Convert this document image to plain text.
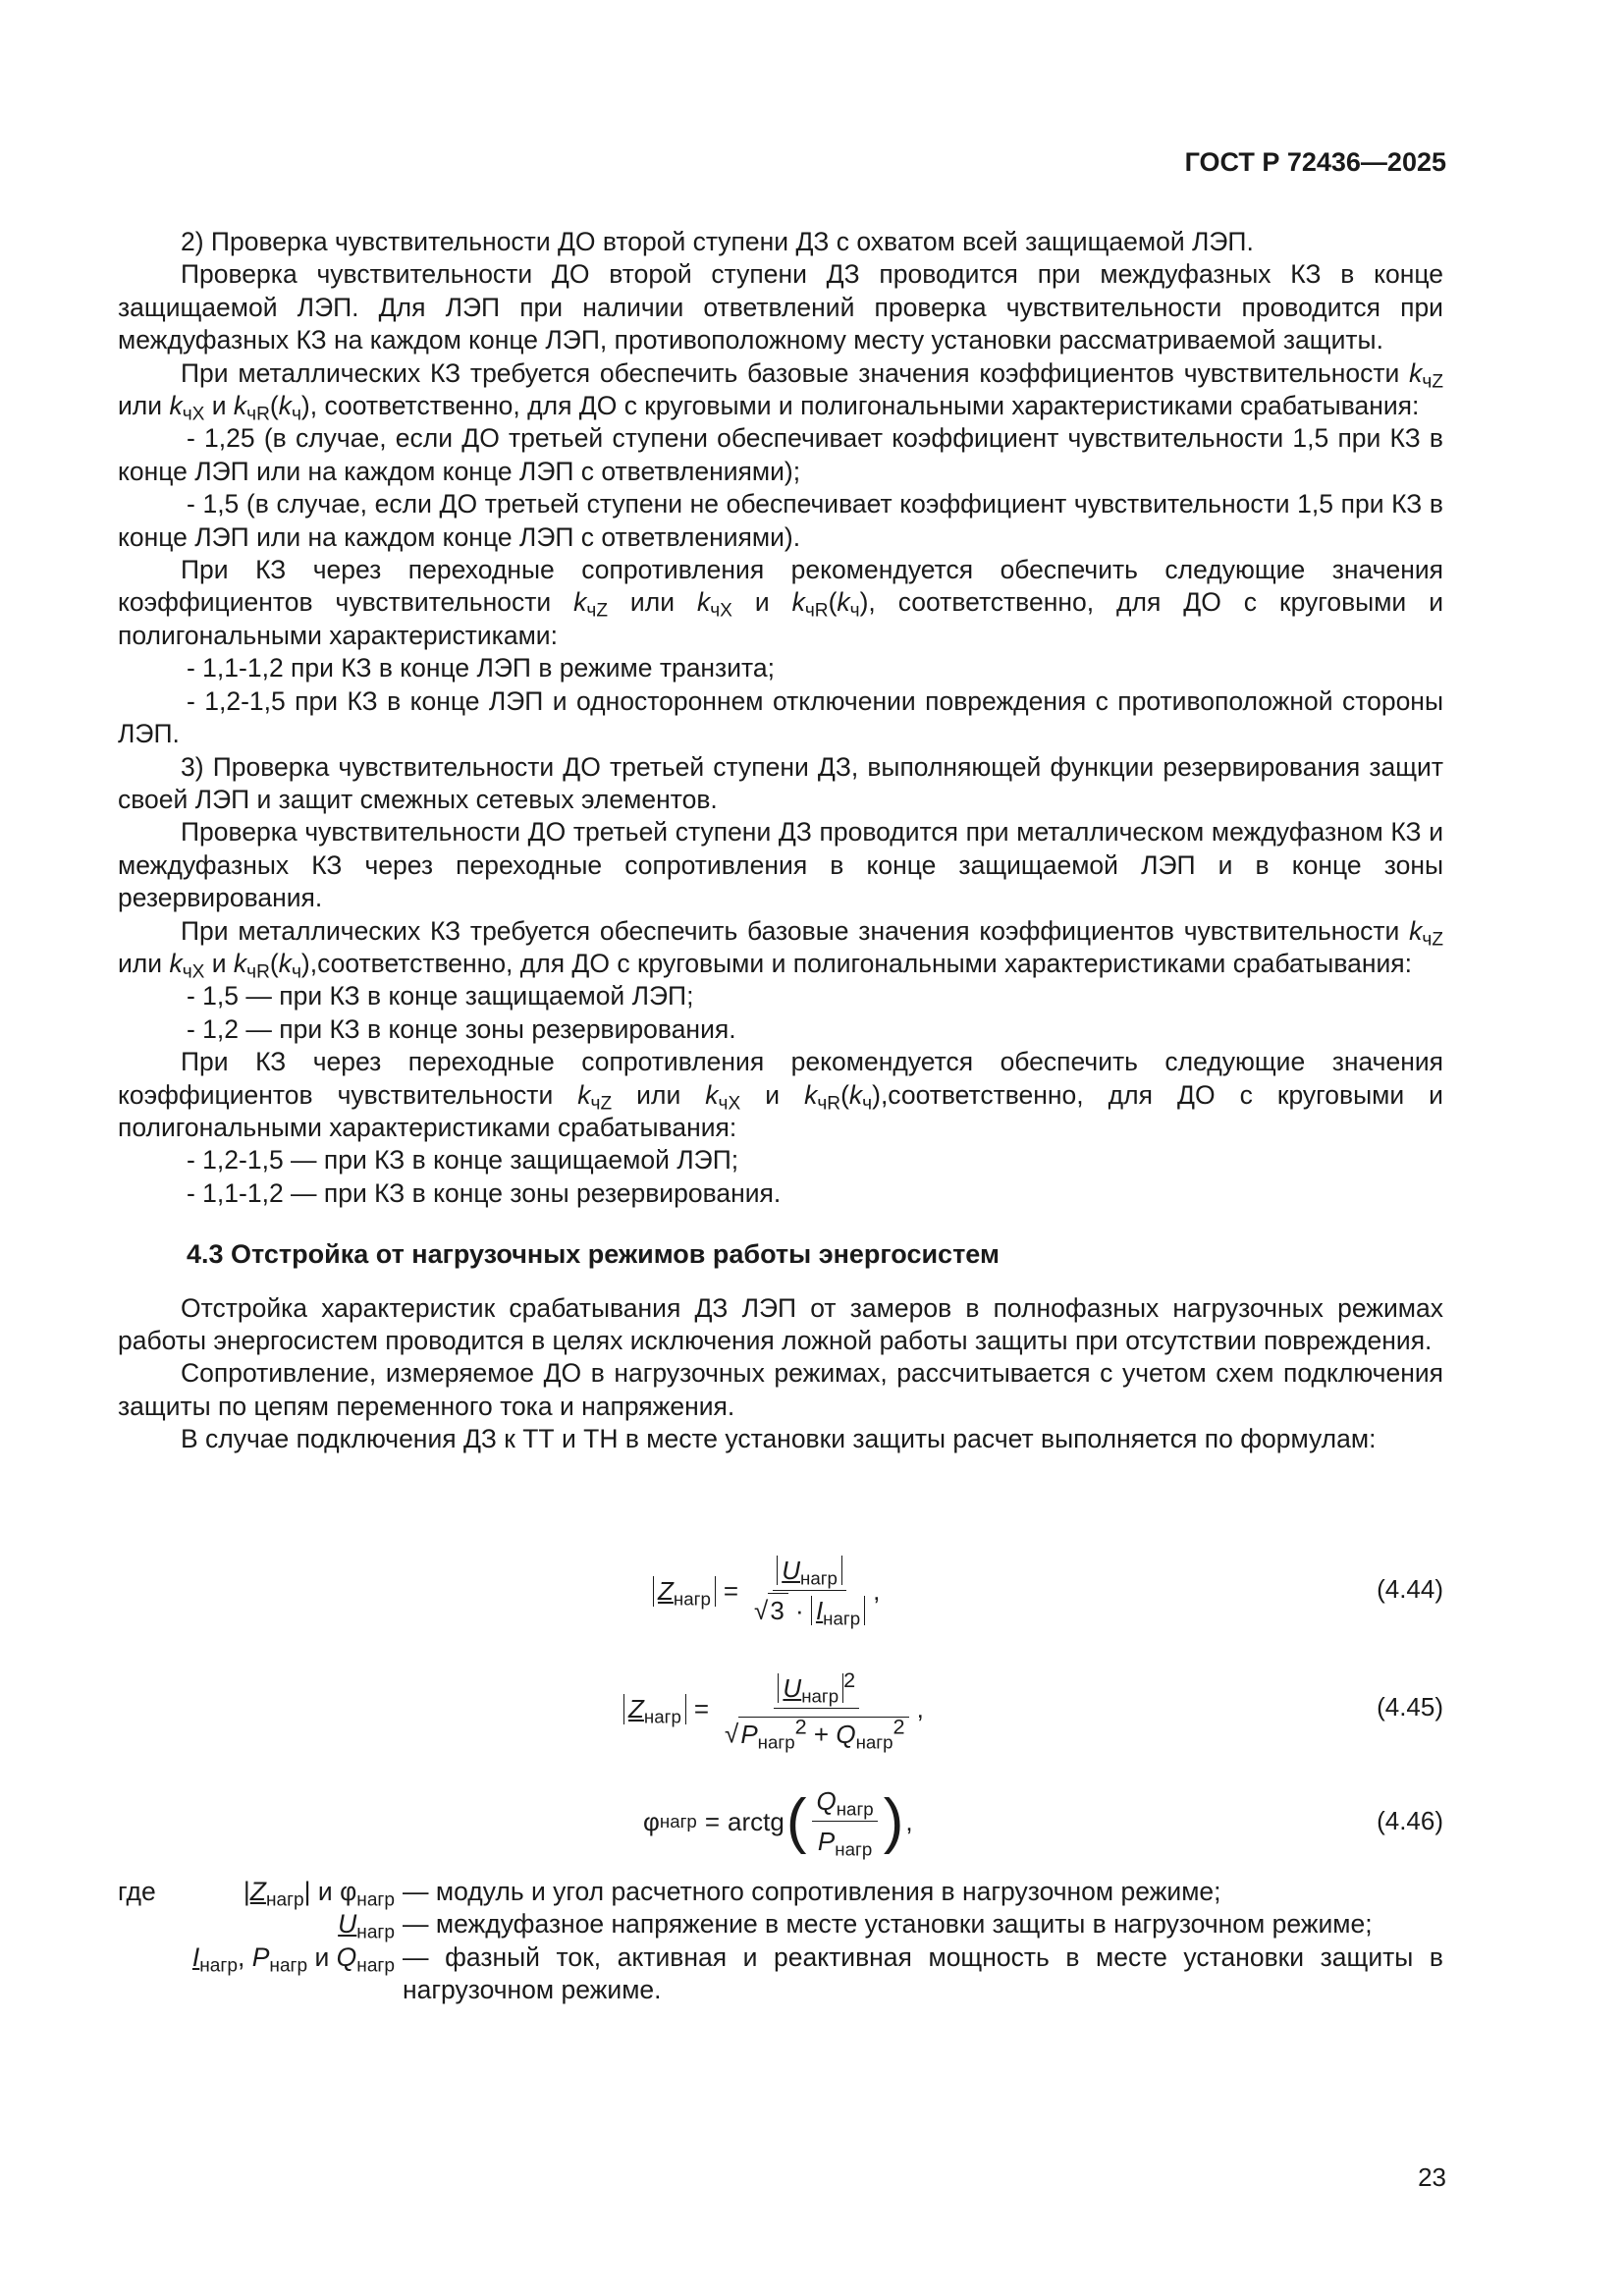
ГОСТ Р 72436—2025

2) Проверка чувствительности ДО второй ступени ДЗ с охватом всей защищаемой ЛЭП.

Проверка чувствительности ДО второй ступени ДЗ проводится при междуфазных КЗ в конце защищаемой ЛЭП. Для ЛЭП при наличии ответвлений проверка чувствительности проводится при междуфазных КЗ на каждом конце ЛЭП, противоположному месту установки рассматриваемой защиты.

При металлических КЗ требуется обеспечить базовые значения коэффициентов чувствительности $k_{чZ}$ или $k_{чX}$ и $k_{чR}(k_ч)$, соответственно, для ДО с круговыми и полигональными характеристиками срабатывания:

- 1,25 (в случае, если ДО третьей ступени обеспечивает коэффициент чувствительности 1,5 при КЗ в конце ЛЭП или на каждом конце ЛЭП с ответвлениями);

- 1,5 (в случае, если ДО третьей ступени не обеспечивает коэффициент чувствительности 1,5 при КЗ в конце ЛЭП или на каждом конце ЛЭП с ответвлениями).

При КЗ через переходные сопротивления рекомендуется обеспечить следующие значения коэффициентов чувствительности $k_{чZ}$ или $k_{чX}$ и $k_{чR}(k_ч)$, соответственно, для ДО с круговыми и полигональными характеристиками:

- 1,1-1,2 при КЗ в конце ЛЭП в режиме транзита;

- 1,2-1,5 при КЗ в конце ЛЭП и одностороннем отключении повреждения с противоположной стороны ЛЭП.

3) Проверка чувствительности ДО третьей ступени ДЗ, выполняющей функции резервирования защит своей ЛЭП и защит смежных сетевых элементов.

Проверка чувствительности ДО третьей ступени ДЗ проводится при металлическом междуфазном КЗ и междуфазных КЗ через переходные сопротивления в конце защищаемой ЛЭП и в конце зоны резервирования.

При металлических КЗ требуется обеспечить базовые значения коэффициентов чувствительности $k_{чZ}$ или $k_{чX}$ и $k_{чR}(k_ч),соответственно$, для ДО с круговыми и полигональными характеристиками срабатывания:

- 1,5 — при КЗ в конце защищаемой ЛЭП;

- 1,2 — при КЗ в конце зоны резервирования.

При КЗ через переходные сопротивления рекомендуется обеспечить следующие значения коэффициентов чувствительности $k_{чZ}$ или $k_{чX}$ и $k_{чR}(k_ч),соответственно$, для ДО с круговыми и полигональными характеристиками срабатывания:

- 1,2-1,5 — при КЗ в конце защищаемой ЛЭП;

- 1,1-1,2 — при КЗ в конце зоны резервирования.

4.3 Отстройка от нагрузочных режимов работы энергосистем

Отстройка характеристик срабатывания ДЗ ЛЭП от замеров в полнофазных нагрузочных режимах работы энергосистем проводится в целях исключения ложной работы защиты при отсутствии повреждения.

Сопротивление, измеряемое ДО в нагрузочных режимах, рассчитывается с учетом схем подключения защиты по цепям переменного тока и напряжения.

В случае подключения ДЗ к ТТ и ТН в месте установки защиты расчет выполняется по формулам:

$Z_{нагр} = \frac{U_{нагр}}{√3 \cdot I_{нагр}}$ ,	(4.44)
$Z_{нагр} = \frac{U_{нагр}^2}{√P_{нагр}^2 + Q_{нагр}^2}$ ,	(4.45)
φ нагр = arctg ( $\frac{Q_{нагр}}{P_{нагр}}$ ) ,	(4.46)
где	$|Z_{нагр}|$ и $\varphi_{нагр}$ — модуль и угол расчетного сопротивления в нагрузочном режиме;
$U_{нагр}$ — междуфазное напряжение в месте установки защиты в нагрузочном режиме;
$I_{нагр}$, $P_{нагр}$ и $Q_{нагр}$ — фазный ток, активная и реактивная мощность в месте установки защиты в нагрузочном режиме.
23
